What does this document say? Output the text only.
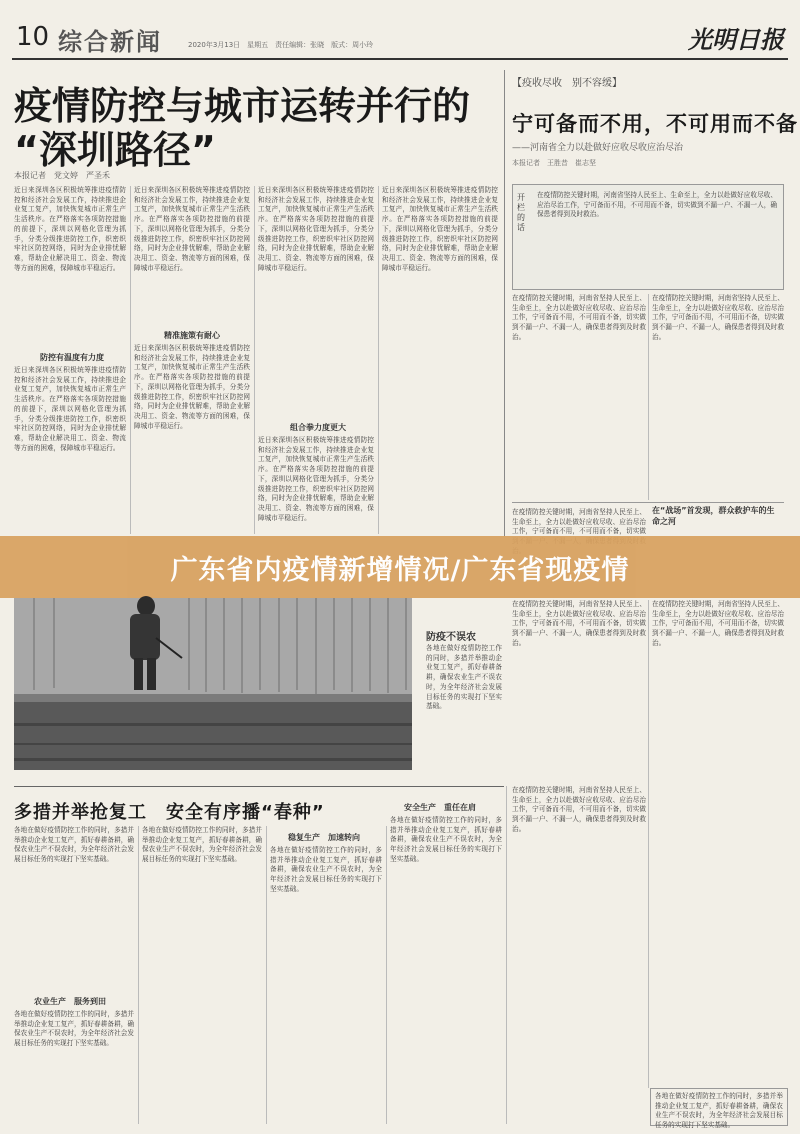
10 综合新闻	2020年3月13日　星期五　责任编辑：张晓　版式：周小玲	光明日报
疫情防控与城市运转并行的
“深圳路径”
本报记者　党文婷　严圣禾
近日来深圳各区积极统筹推进疫情防控和经济社会发展工作，持续推进企业复工复产，加快恢复城市正常生产生活秩序。在严格落实各项防控措施的前提下，深圳以网格化管理为抓手，分类分级推进防控工作，织密织牢社区防控网络，同时为企业排忧解难，帮助企业解决用工、资金、物流等方面的困难，保障城市平稳运行。
防控有温度有力度
近日来深圳各区积极统筹推进疫情防控和经济社会发展工作，持续推进企业复工复产，加快恢复城市正常生产生活秩序。在严格落实各项防控措施的前提下，深圳以网格化管理为抓手，分类分级推进防控工作，织密织牢社区防控网络，同时为企业排忧解难，帮助企业解决用工、资金、物流等方面的困难，保障城市平稳运行。
近日来深圳各区积极统筹推进疫情防控和经济社会发展工作，持续推进企业复工复产，加快恢复城市正常生产生活秩序。在严格落实各项防控措施的前提下，深圳以网格化管理为抓手，分类分级推进防控工作，织密织牢社区防控网络，同时为企业排忧解难，帮助企业解决用工、资金、物流等方面的困难，保障城市平稳运行。
精准施策有耐心
近日来深圳各区积极统筹推进疫情防控和经济社会发展工作，持续推进企业复工复产，加快恢复城市正常生产生活秩序。在严格落实各项防控措施的前提下，深圳以网格化管理为抓手，分类分级推进防控工作，织密织牢社区防控网络，同时为企业排忧解难，帮助企业解决用工、资金、物流等方面的困难，保障城市平稳运行。
近日来深圳各区积极统筹推进疫情防控和经济社会发展工作，持续推进企业复工复产，加快恢复城市正常生产生活秩序。在严格落实各项防控措施的前提下，深圳以网格化管理为抓手，分类分级推进防控工作，织密织牢社区防控网络，同时为企业排忧解难，帮助企业解决用工、资金、物流等方面的困难，保障城市平稳运行。
组合拳力度更大
近日来深圳各区积极统筹推进疫情防控和经济社会发展工作，持续推进企业复工复产，加快恢复城市正常生产生活秩序。在严格落实各项防控措施的前提下，深圳以网格化管理为抓手，分类分级推进防控工作，织密织牢社区防控网络，同时为企业排忧解难，帮助企业解决用工、资金、物流等方面的困难，保障城市平稳运行。
近日来深圳各区积极统筹推进疫情防控和经济社会发展工作，持续推进企业复工复产，加快恢复城市正常生产生活秩序。在严格落实各项防控措施的前提下，深圳以网格化管理为抓手，分类分级推进防控工作，织密织牢社区防控网络，同时为企业排忧解难，帮助企业解决用工、资金、物流等方面的困难，保障城市平稳运行。
【疫收尽收　别不容缓】
宁可备而不用，不可用而不备
——河南省全力以赴做好应收尽收应治尽治
本报记者　王胜昔　崔志坚
开栏的话
在疫情防控关键时期，河南省坚持人民至上、生命至上，全力以赴做好应收尽收、应治尽治工作，宁可备而不用，不可用而不备，切实做到不漏一户、不漏一人，确保患者得到及时救治。
在疫情防控关键时期，河南省坚持人民至上、生命至上，全力以赴做好应收尽收、应治尽治工作，宁可备而不用，不可用而不备，切实做到不漏一户、不漏一人，确保患者得到及时救治。
在疫情防控关键时期，河南省坚持人民至上、生命至上，全力以赴做好应收尽收、应治尽治工作，宁可备而不用，不可用而不备，切实做到不漏一户、不漏一人，确保患者得到及时救治。
在疫情防控关键时期，河南省坚持人民至上、生命至上，全力以赴做好应收尽收、应治尽治工作，宁可备而不用，不可用而不备，切实做
在“战场”首发现，群众救护车的生命之河
广东省内疫情新增情况/广东省现疫情
防疫不误农
各地在做好疫情防控工作的同时，多措并举推动企业复工复产，抓好春耕备耕，确保农业生产不误农时，为全年经济社会发展目标任务的实现打下坚实基础。
在疫情防控关键时期，河南省坚持人民至上、生命至上，全力以赴做好应收尽收、应治尽治工作，宁可备而不用，不可用而不备，切实做到不漏一户、不漏一人，确保患者得到及时救治。
在疫情防控关键时期，河南省坚持人民至上、生命至上，全力以赴做好应收尽收、应治尽治工作，宁可备而不用，不可用而不备，切实做到不漏一户、不漏一人，确保患者得到及时救治。
多措并举抢复工　安全有序播“春种”
各地在做好疫情防控工作的同时，多措并举推动企业复工复产，抓好春耕备耕，确保农业生产不误农时，为全年经济社会发展目标任务的实现打下坚实基础。
农业生产　服务到田
各地在做好疫情防控工作的同时，多措并举推动企业复工复产，抓好春耕备耕，确保农业生产不误农时，为全年经济社会发展目标任务的实现打下坚实基础。
各地在做好疫情防控工作的同时，多措并举推动企业复工复产，抓好春耕备耕，确保农业生产不误农时，为全年经济社会发展目标任务的实现打下坚实基础。
稳复生产　加速转向
各地在做好疫情防控工作的同时，多措并举推动企业复工复产，抓好春耕备耕，确保农业生产不误农时，为全年经济社会发展目标任务的实现打下坚实基础。
安全生产　重任在肩
各地在做好疫情防控工作的同时，多措并举推动企业复工复产，抓好春耕备耕，确保农业生产不误农时，为全年经济社会发展目标任务的实现打下坚实基础。
在疫情防控关键时期，河南省坚持人民至上、生命至上，全力以赴做好应收尽收、应治尽治工作，宁可备而不用，不可用而不备，切实做到不漏一户、不漏一人，确保患者得到及时救治。
各地在做好疫情防控工作的同时，多措并举推动企业复工复产，抓好春耕备耕，确保农业生产不误农时，为全年经济社会发展目标任务的实现打下坚实基础。
